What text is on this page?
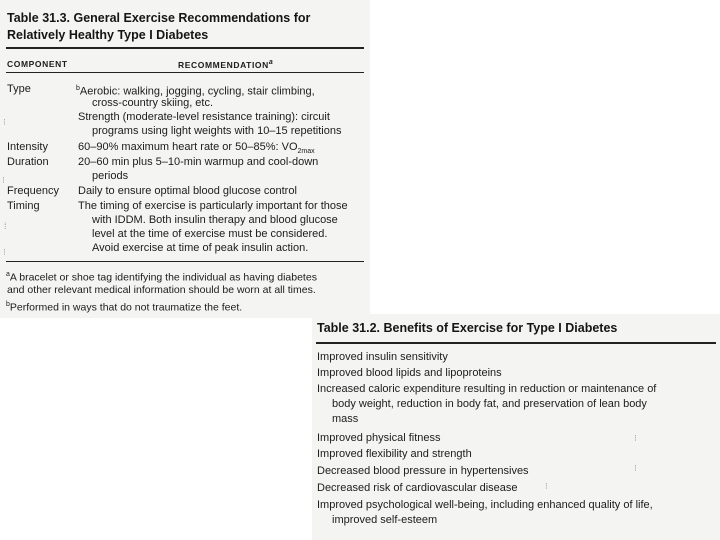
Table 31.3. General Exercise Recommendations for
Relatively Healthy Type I Diabetes
COMPONENT	RECOMMENDATION$^a$
Type	$^b$Aerobic: walking, jogging, cycling, stair climbing,
cross-country skiing, etc.
Strength (moderate-level resistance training): circuit
programs using light weights with 10–15 repetitions
Intensity	60–90% maximum heart rate or 50–85%: $VO_{2max}$
Duration	20–60 min plus 5–10-min warmup and cool-down
periods
Frequency Daily to ensure optimal blood glucose control
Timing	The timing of exercise is particularly important for those
with IDDM. Both insulin therapy and blood glucose
level at the time of exercise must be considered.
Avoid exercise at time of peak insulin action.
$^a$A bracelet or shoe tag identifying the individual as having diabetes
and other relevant medical information should be worn at all times.
$^b$Performed in ways that do not traumatize the feet.
⁝
⁝
⁞
⁝
Table 31.2. Benefits of Exercise for Type I Diabetes
Improved insulin sensitivity
Improved blood lipids and lipoproteins
Increased caloric expenditure resulting in reduction or maintenance of
body weight, reduction in body fat, and preservation of lean body
mass
Improved physical fitness
Improved flexibility and strength
Decreased blood pressure in hypertensives
Decreased risk of cardiovascular disease
Improved psychological well-being, including enhanced quality of life,
improved self-esteem
⁝
⁝
⁝
